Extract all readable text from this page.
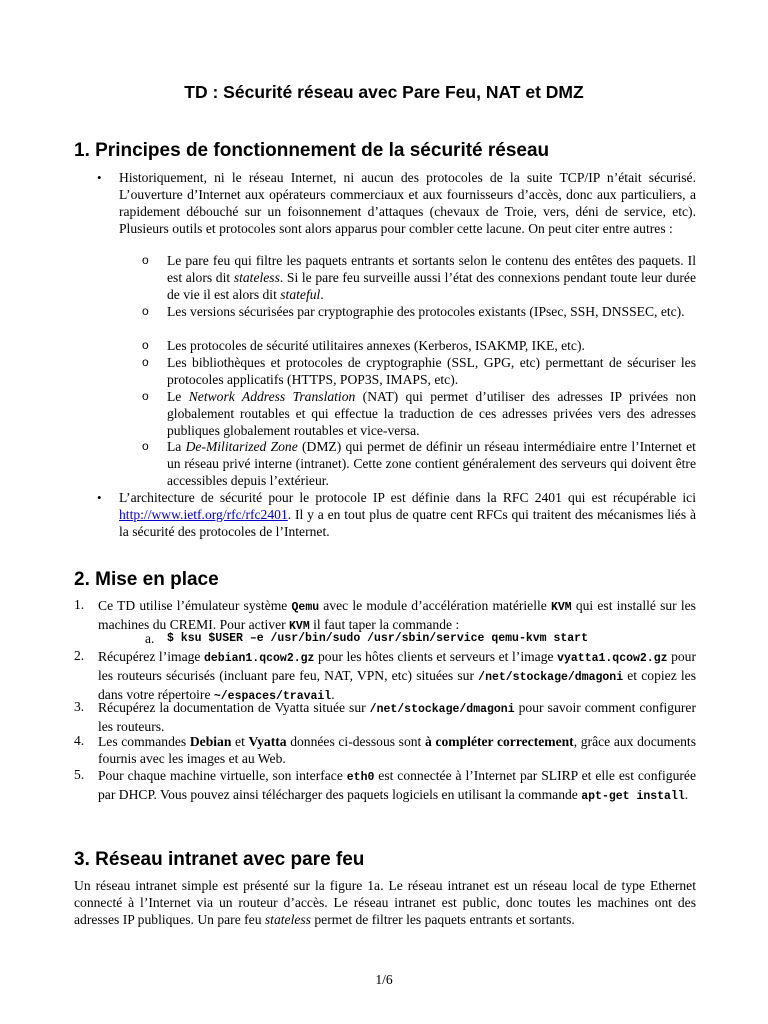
TD : Sécurité réseau avec Pare Feu, NAT et DMZ
1. Principes de fonctionnement de la sécurité réseau
• Historiquement, ni le réseau Internet, ni aucun des protocoles de la suite TCP/IP n’était sécurisé. L’ouverture d’Internet aux opérateurs commerciaux et aux fournisseurs d’accès, donc aux particuliers, a rapidement débouché sur un foisonnement d’attaques (chevaux de Troie, vers, déni de service, etc). Plusieurs outils et protocoles sont alors apparus pour combler cette lacune. On peut citer entre autres :
o Le pare feu qui filtre les paquets entrants et sortants selon le contenu des entêtes des paquets. Il est alors dit stateless. Si le pare feu surveille aussi l’état des connexions pendant toute leur durée de vie il est alors dit stateful.
o Les versions sécurisées par cryptographie des protocoles existants (IPsec, SSH, DNSSEC, etc).
o Les protocoles de sécurité utilitaires annexes (Kerberos, ISAKMP, IKE, etc).
o Les bibliothèques et protocoles de cryptographie (SSL, GPG, etc) permettant de sécuriser les protocoles applicatifs (HTTPS, POP3S, IMAPS, etc).
o Le Network Address Translation (NAT) qui permet d’utiliser des adresses IP privées non globalement routables et qui effectue la traduction de ces adresses privées vers des adresses publiques globalement routables et vice-versa.
o La De-Militarized Zone (DMZ) qui permet de définir un réseau intermédiaire entre l’Internet et un réseau privé interne (intranet). Cette zone contient généralement des serveurs qui doivent être accessibles depuis l’extérieur.
• L’architecture de sécurité pour le protocole IP est définie dans la RFC 2401 qui est récupérable ici http://www.ietf.org/rfc/rfc2401. Il y a en tout plus de quatre cent RFCs qui traitent des mécanismes liés à la sécurité des protocoles de l’Internet.
2. Mise en place
1. Ce TD utilise l’émulateur système Qemu avec le module d’accélération matérielle KVM qui est installé sur les machines du CREMI. Pour activer KVM il faut taper la commande :
a. $ ksu $USER –e /usr/bin/sudo /usr/sbin/service qemu-kvm start
2. Récupérez l’image debian1.qcow2.gz pour les hôtes clients et serveurs et l’image vyatta1.qcow2.gz pour les routeurs sécurisés (incluant pare feu, NAT, VPN, etc) situées sur /net/stockage/dmagoni et copiez les dans votre répertoire ~/espaces/travail.
3. Récupérez la documentation de Vyatta située sur /net/stockage/dmagoni pour savoir comment configurer les routeurs.
4. Les commandes Debian et Vyatta données ci-dessous sont à compléter correctement, grâce aux documents fournis avec les images et au Web.
5. Pour chaque machine virtuelle, son interface eth0 est connectée à l’Internet par SLIRP et elle est configurée par DHCP. Vous pouvez ainsi télécharger des paquets logiciels en utilisant la commande apt-get install.
3. Réseau intranet avec pare feu
Un réseau intranet simple est présenté sur la figure 1a. Le réseau intranet est un réseau local de type Ethernet connecté à l’Internet via un routeur d’accès. Le réseau intranet est public, donc toutes les machines ont des adresses IP publiques. Un pare feu stateless permet de filtrer les paquets entrants et sortants.
1/6
